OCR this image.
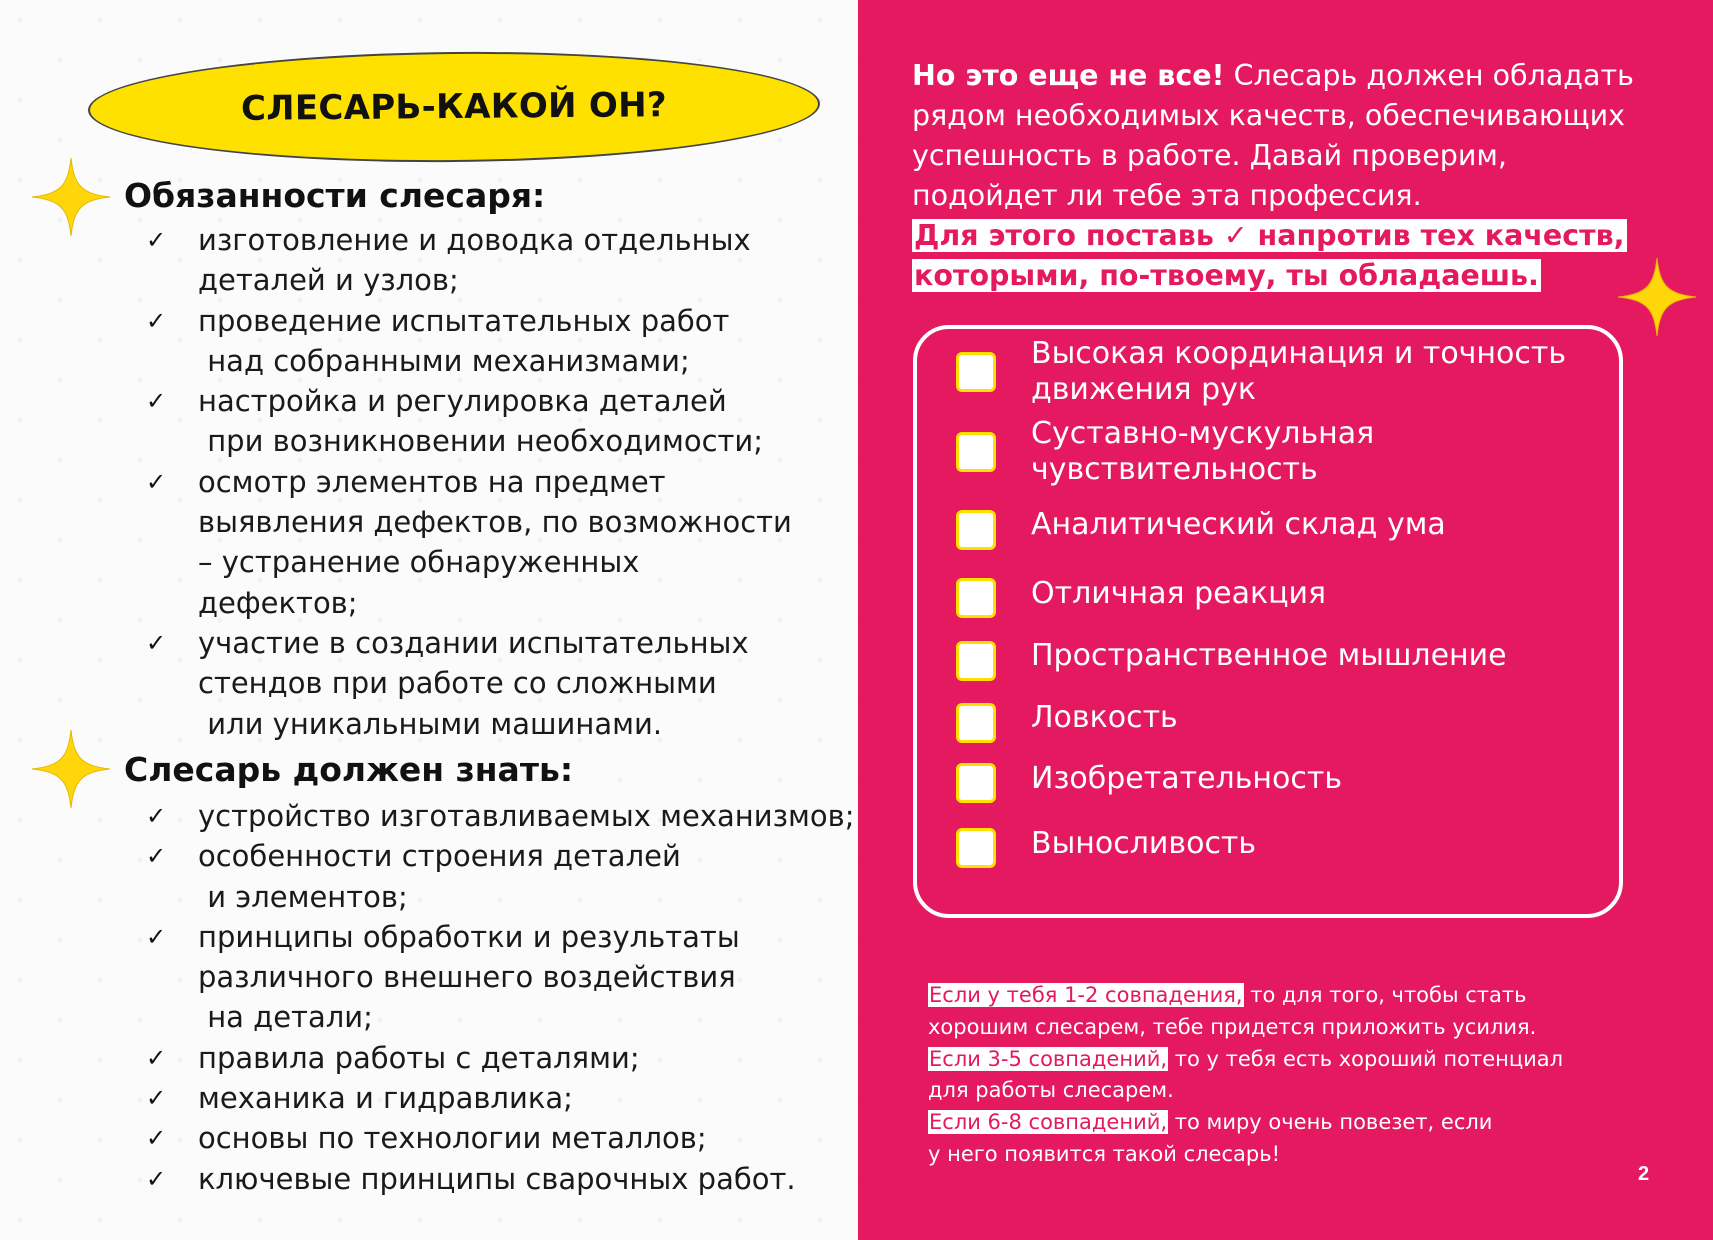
СЛЕСАРЬ-КАКОЙ ОН?
Обязанности слесаря:
✓ изготовление и доводка отдельных
деталей и узлов;
✓ проведение испытательных работ
над собранными механизмами;
✓ настройка и регулировка деталей
при возникновении необходимости;
✓ осмотр элементов на предмет
выявления дефектов, по возможности
– устранение обнаруженных
дефектов;
✓ участие в создании испытательных
стендов при работе со сложными
или уникальными машинами.
Слесарь должен знать:
✓ устройство изготавливаемых механизмов;
✓ особенности строения деталей
и элементов;
✓ принципы обработки и результаты
различного внешнего воздействия
на детали;
✓ правила работы с деталями;
✓ механика и гидравлика;
✓ основы по технологии металлов;
✓ ключевые принципы сварочных работ.
Но это еще не все! Слесарь должен обладать
рядом необходимых качеств, обеспечивающих
успешность в работе. Давай проверим,
подойдет ли тебе эта профессия.
Для этого поставь ✓ напротив тех качеств,
которыми, по-твоему, ты обладаешь.
Высокая координация и точность
движения рук
Суставно-мускульная
чувствительность
Аналитический склад ума
Отличная реакция
Пространственное мышление
Ловкость
Изобретательность
Выносливость
Если у тебя 1-2 совпадения, то для того, чтобы стать
хорошим слесарем, тебе придется приложить усилия.
Если 3-5 совпадений, то у тебя есть хороший потенциал
для работы слесарем.
Если 6-8 совпадений, то миру очень повезет, если
у него появится такой слесарь!
2
